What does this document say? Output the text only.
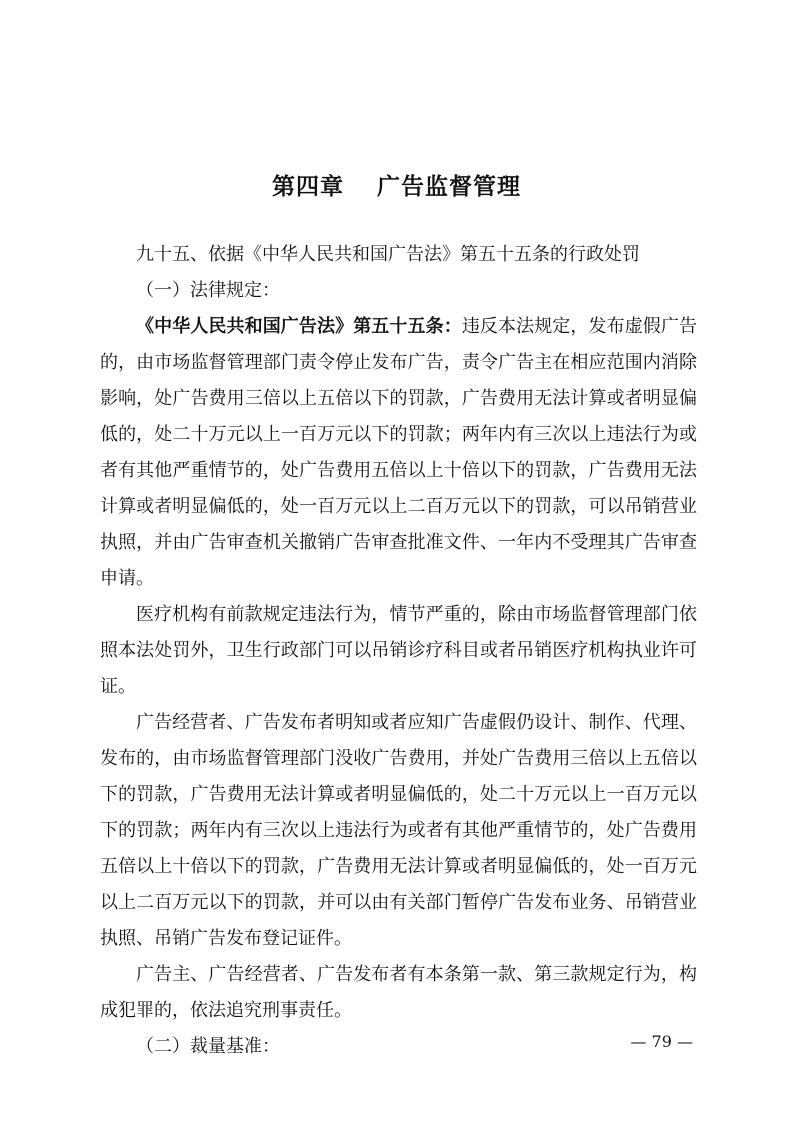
第四章　 广告监督管理

九十五、依据《中华人民共和国广告法》第五十五条的行政处罚

（一）法律规定：

《中华人民共和国广告法》第五十五条：违反本法规定，发布虚假广告的，由市场监督管理部门责令停止发布广告，责令广告主在相应范围内消除影响，处广告费用三倍以上五倍以下的罚款，广告费用无法计算或者明显偏低的，处二十万元以上一百万元以下的罚款；两年内有三次以上违法行为或者有其他严重情节的，处广告费用五倍以上十倍以下的罚款，广告费用无法计算或者明显偏低的，处一百万元以上二百万元以下的罚款，可以吊销营业执照，并由广告审查机关撤销广告审查批准文件、一年内不受理其广告审查申请。

医疗机构有前款规定违法行为，情节严重的，除由市场监督管理部门依照本法处罚外，卫生行政部门可以吊销诊疗科目或者吊销医疗机构执业许可证。

广告经营者、广告发布者明知或者应知广告虚假仍设计、制作、代理、发布的，由市场监督管理部门没收广告费用，并处广告费用三倍以上五倍以下的罚款，广告费用无法计算或者明显偏低的，处二十万元以上一百万元以下的罚款；两年内有三次以上违法行为或者有其他严重情节的，处广告费用五倍以上十倍以下的罚款，广告费用无法计算或者明显偏低的，处一百万元以上二百万元以下的罚款，并可以由有关部门暂停广告发布业务、吊销营业执照、吊销广告发布登记证件。

广告主、广告经营者、广告发布者有本条第一款、第三款规定行为，构成犯罪的，依法追究刑事责任。

（二）裁量基准：	— 79 —
